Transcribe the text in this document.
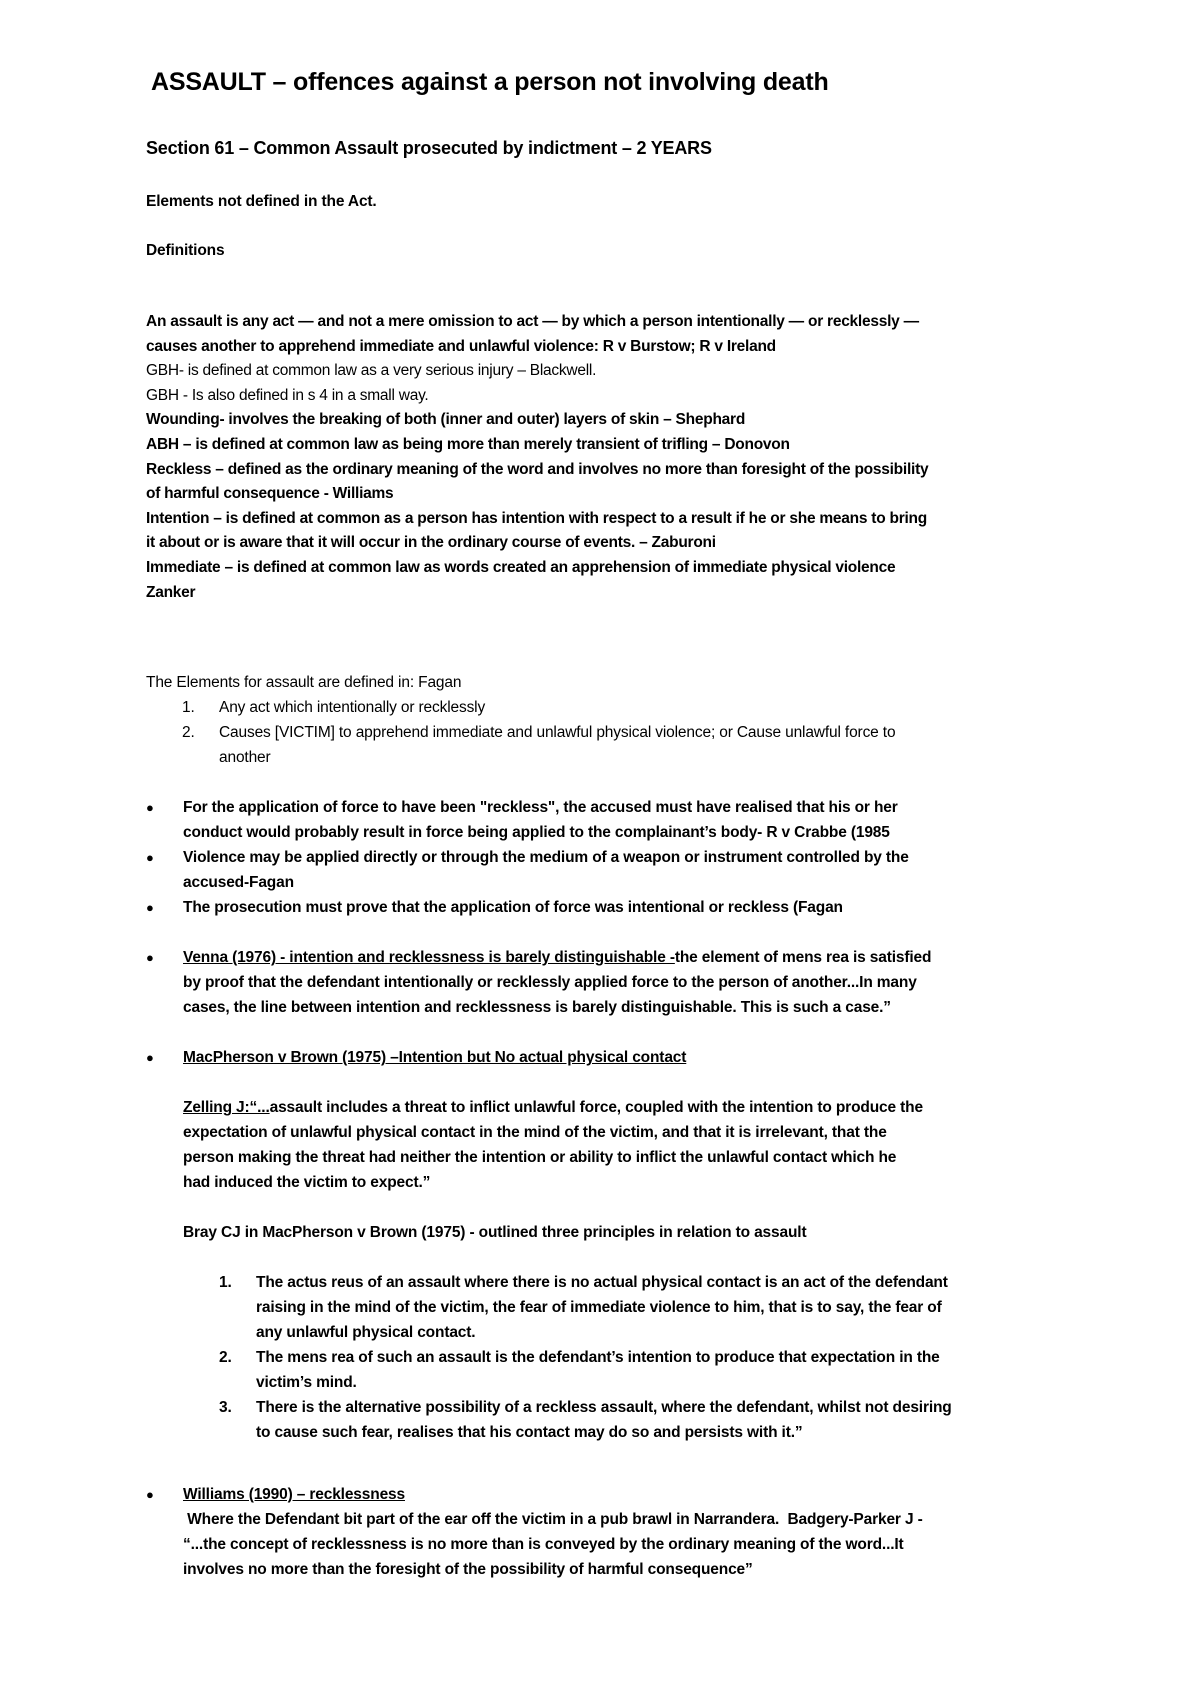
ASSAULT – offences against a person not involving death
Section 61 – Common Assault prosecuted by indictment – 2 YEARS
Elements not defined in the Act.
Definitions
An assault is any act — and not a mere omission to act — by which a person intentionally — or recklessly —
causes another to apprehend immediate and unlawful violence: R v Burstow; R v Ireland
GBH- is defined at common law as a very serious injury – Blackwell.
GBH - Is also defined in s 4 in a small way.
Wounding- involves the breaking of both (inner and outer) layers of skin – Shephard
ABH – is defined at common law as being more than merely transient of trifling – Donovon
Reckless – defined as the ordinary meaning of the word and involves no more than foresight of the possibility
of harmful consequence - Williams
Intention – is defined at common as a person has intention with respect to a result if he or she means to bring
it about or is aware that it will occur in the ordinary course of events. – Zaburoni
Immediate – is defined at common law as words created an apprehension of immediate physical violence
Zanker
The Elements for assault are defined in: Fagan
1. Any act which intentionally or recklessly
2. Causes [VICTIM] to apprehend immediate and unlawful physical violence; or Cause unlawful force to
another
● For the application of force to have been "reckless", the accused must have realised that his or her
conduct would probably result in force being applied to the complainant’s body- R v Crabbe (1985
● Violence may be applied directly or through the medium of a weapon or instrument controlled by the
accused-Fagan
● The prosecution must prove that the application of force was intentional or reckless (Fagan
● Venna (1976) - intention and recklessness is barely distinguishable -the element of mens rea is satisfied
by proof that the defendant intentionally or recklessly applied force to the person of another...In many
cases, the line between intention and recklessness is barely distinguishable. This is such a case.”
● MacPherson v Brown (1975) –Intention but No actual physical contact
Zelling J:“...assault includes a threat to inflict unlawful force, coupled with the intention to produce the
expectation of unlawful physical contact in the mind of the victim, and that it is irrelevant, that the
person making the threat had neither the intention or ability to inflict the unlawful contact which he
had induced the victim to expect.”
Bray CJ in MacPherson v Brown (1975) - outlined three principles in relation to assault
1. The actus reus of an assault where there is no actual physical contact is an act of the defendant
raising in the mind of the victim, the fear of immediate violence to him, that is to say, the fear of
any unlawful physical contact.
2. The mens rea of such an assault is the defendant’s intention to produce that expectation in the
victim’s mind.
3. There is the alternative possibility of a reckless assault, where the defendant, whilst not desiring
to cause such fear, realises that his contact may do so and persists with it.”
● Williams (1990) – recklessness
Where the Defendant bit part of the ear off the victim in a pub brawl in Narrandera.  Badgery-Parker J -
“...the concept of recklessness is no more than is conveyed by the ordinary meaning of the word...It
involves no more than the foresight of the possibility of harmful consequence”
